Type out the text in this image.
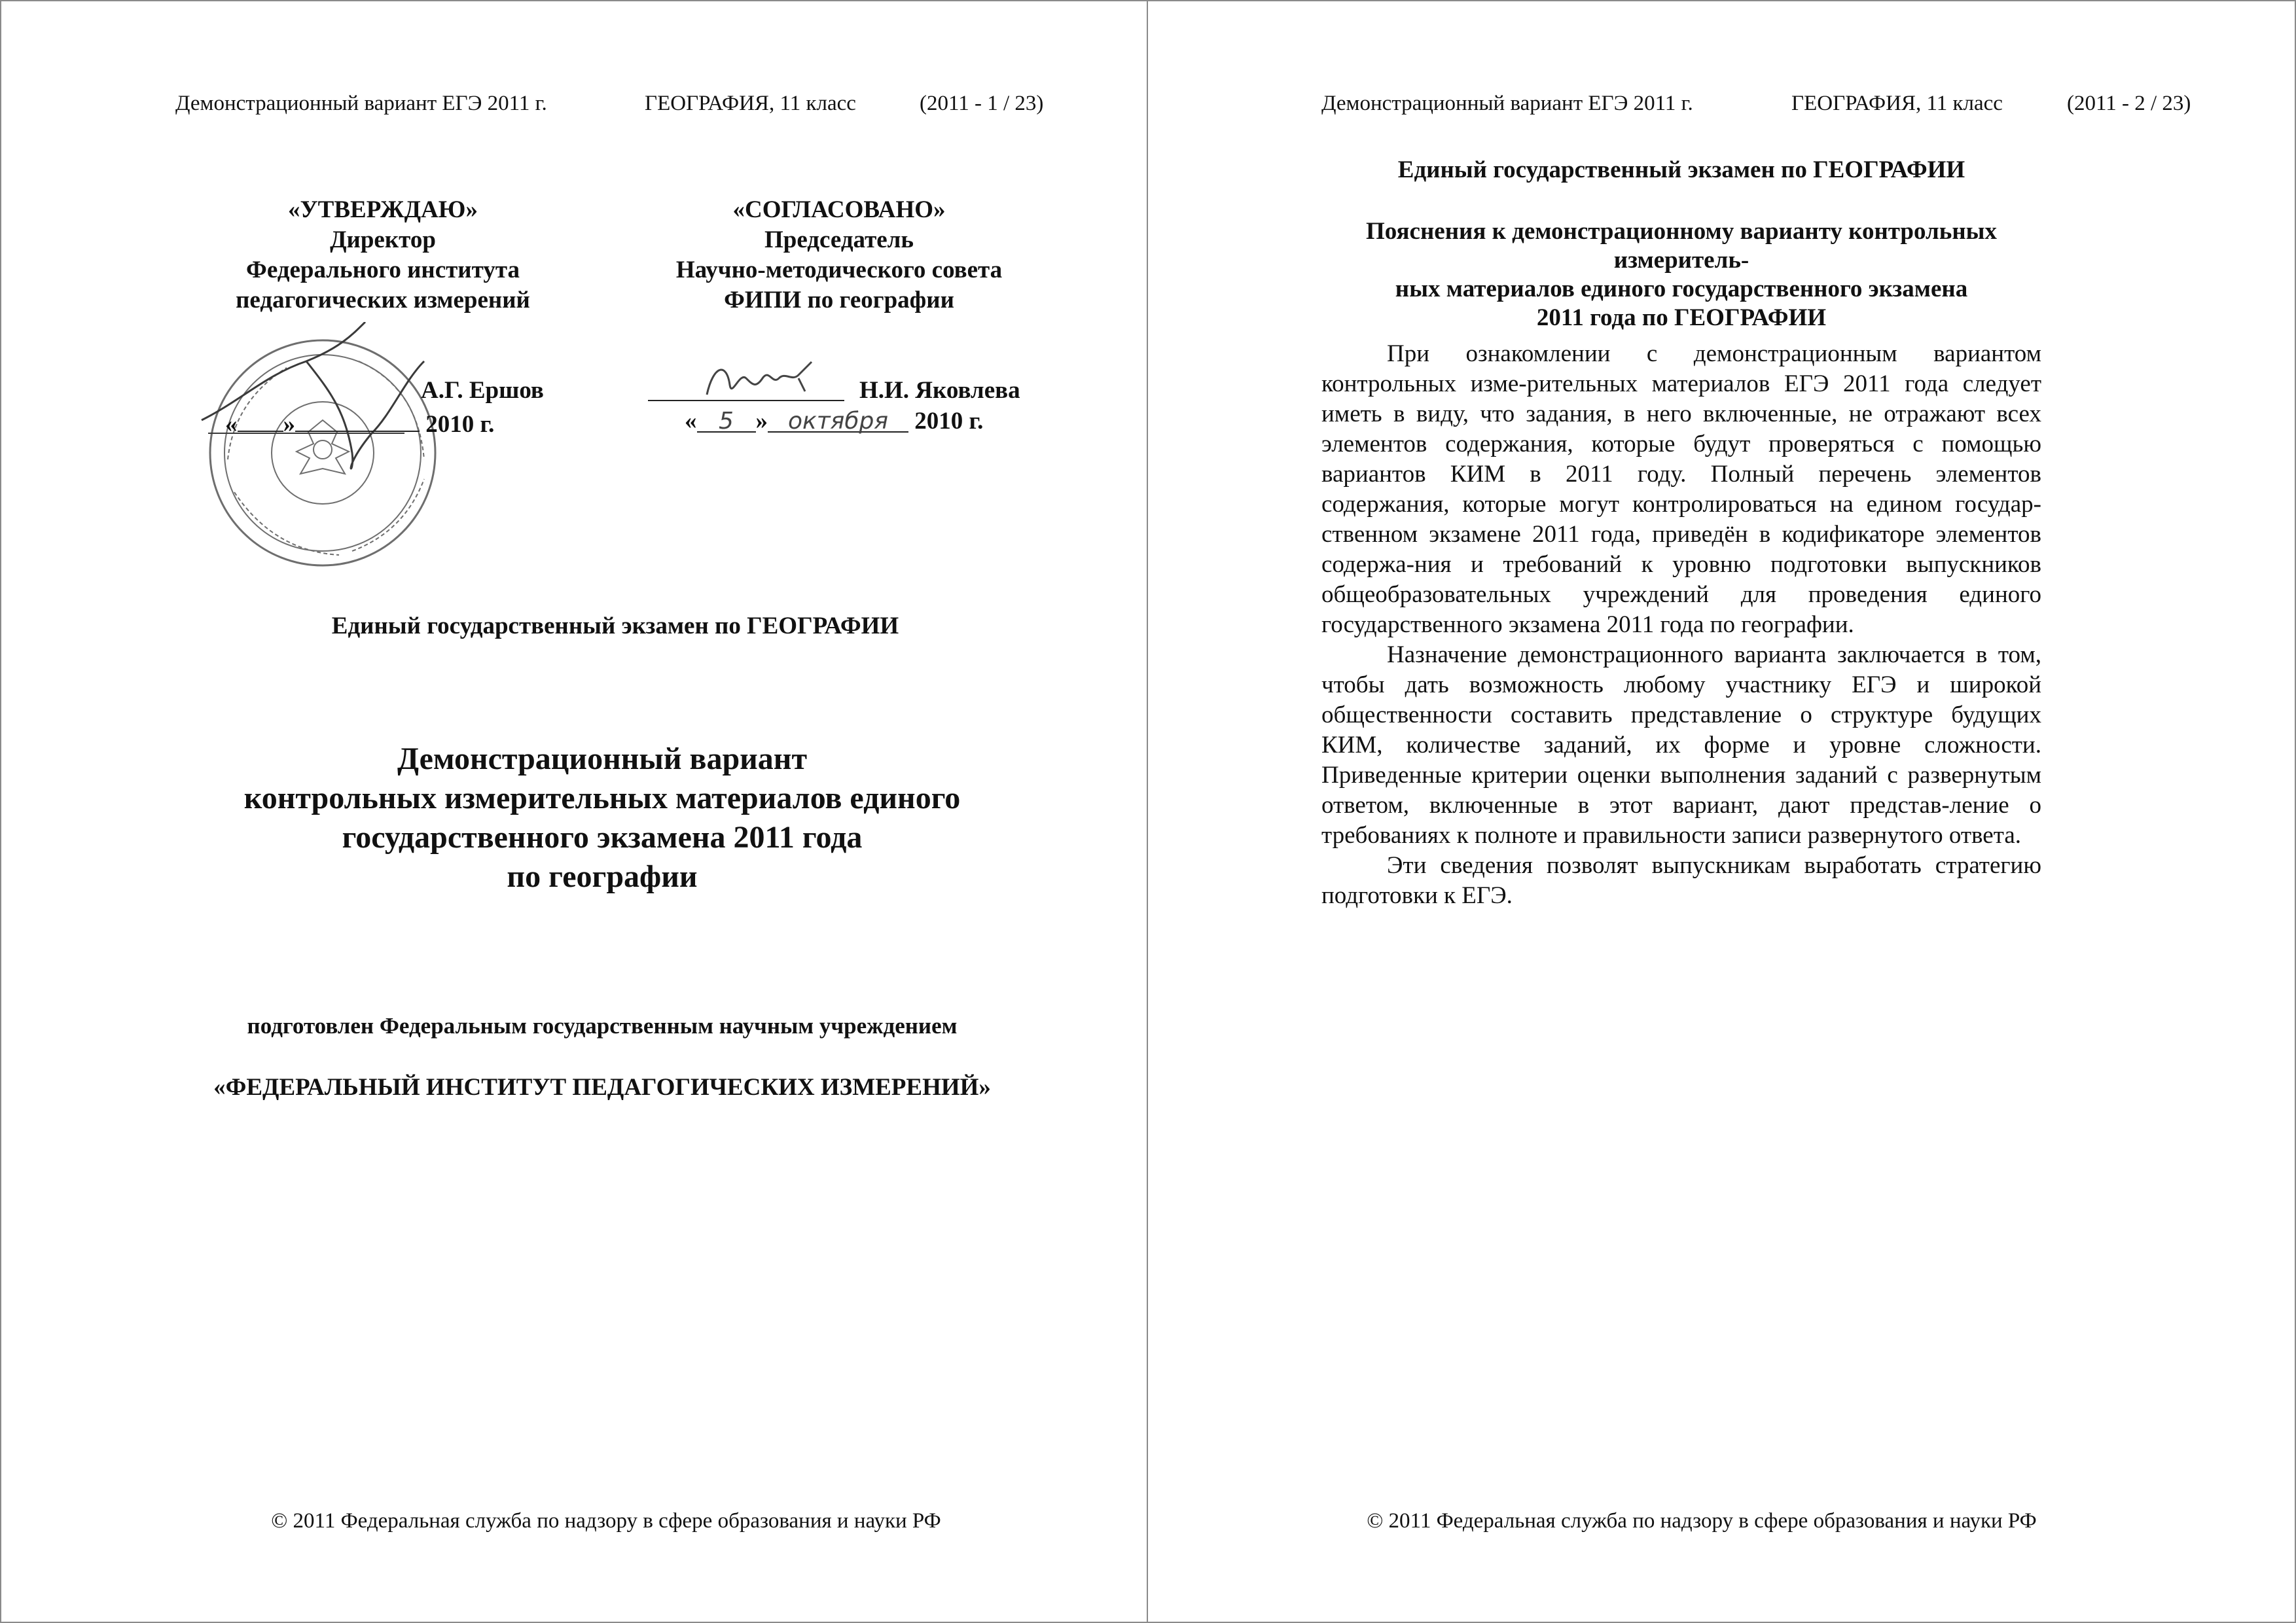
Демонстрационный вариант ЕГЭ 2011 г.	ГЕОГРАФИЯ, 11 класс	(2011 - 1 / 23)
«УТВЕРЖДАЮ»
Директор
Федерального института
педагогических измерений
«СОГЛАСОВАНО»
Председатель
Научно-методического совета
ФИПИ по географии
А.Г. Ершов
« »	2010 г.
Н.И. Яковлева
« 5 » октября 2010 г.
Единый государственный экзамен по ГЕОГРАФИИ
Демонстрационный вариант
контрольных измерительных материалов единого
государственного экзамена 2011 года
по географии
подготовлен Федеральным государственным научным учреждением
«ФЕДЕРАЛЬНЫЙ ИНСТИТУТ ПЕДАГОГИЧЕСКИХ ИЗМЕРЕНИЙ»
© 2011 Федеральная служба по надзору в сфере образования и науки РФ
Демонстрационный вариант ЕГЭ 2011 г.	ГЕОГРАФИЯ, 11 класс	(2011 - 2 / 23)
Единый государственный экзамен по ГЕОГРАФИИ
Пояснения к демонстрационному варианту контрольных измеритель-
ных материалов единого государственного экзамена
2011 года по ГЕОГРАФИИ

При ознакомлении с демонстрационным вариантом контрольных изме-рительных материалов ЕГЭ 2011 года следует иметь в виду, что задания, в него включенные, не отражают всех элементов содержания, которые будут проверяться с помощью вариантов КИМ в 2011 году. Полный перечень элементов содержания, которые могут контролироваться на едином государ-ственном экзамене 2011 года, приведён в кодификаторе элементов содержа-ния и требований к уровню подготовки выпускников общеобразовательных учреждений для проведения единого государственного экзамена 2011 года по географии.

Назначение демонстрационного варианта заключается в том, чтобы дать возможность любому участнику ЕГЭ и широкой общественности составить представление о структуре будущих КИМ, количестве заданий, их форме и уровне сложности. Приведенные критерии оценки выполнения заданий с развернутым ответом, включенные в этот вариант, дают представ-ление о требованиях к полноте и правильности записи развернутого ответа.

Эти сведения позволят выпускникам выработать стратегию подготовки к ЕГЭ.

© 2011 Федеральная служба по надзору в сфере образования и науки РФ
